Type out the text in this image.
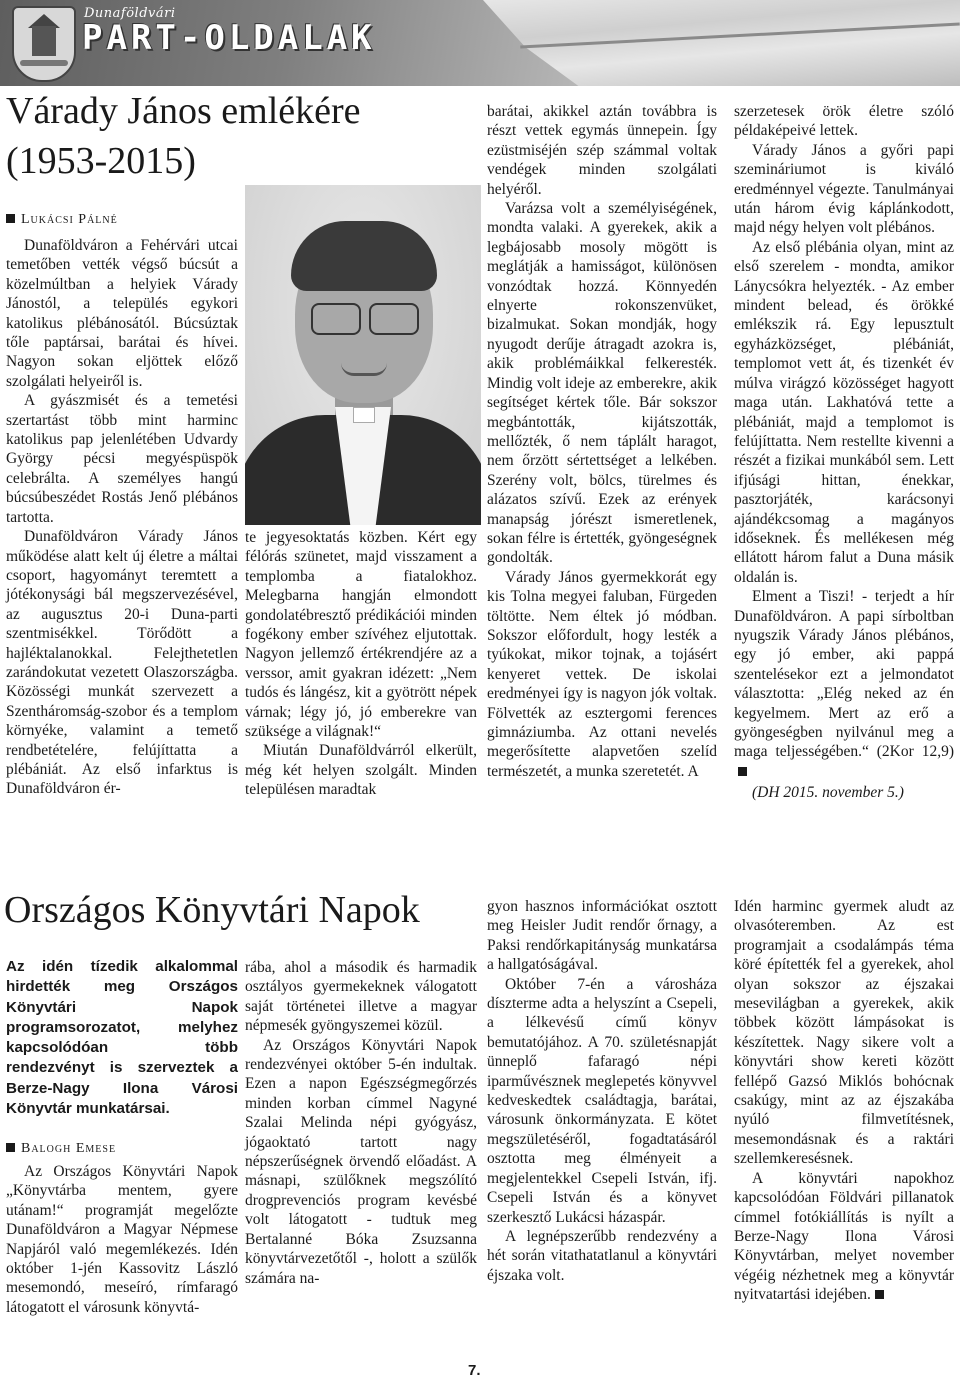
Dunaföldvári
PART-OLDALAK
Várady János emlékére
(1953-2015)
Lukácsi Pálné

Dunaföldváron a Fehérvári utcai temetőben vették végső búcsút a közelmúltban a helyiek Várady Jánostól, a település egykori katolikus plébánosától. Búcsúztak tőle paptársai, barátai és hívei. Nagyon sokan eljöttek előző szolgálati helyeiről is.

A gyászmisét és a temetési szertartást több mint harminc katolikus pap jelenlétében Udvardy György pécsi megyéspüspök celebrálta. A személyes hangú búcsúbeszédet Rostás Jenő plébános tartotta.

Dunaföldváron Várady János működése alatt kelt új életre a máltai csoport, hagyományt teremtett a jótékonysági bál megszervezésével, az augusztus 20-i Duna-parti szentmisékkel. Törődött a hajléktalanokkal. Felejthetetlen zarándokutat vezetett Olaszországba. Közösségi munkát szervezett a Szentháromság-szobor és a templom környéke, valamint a temető rendbetételére, felújíttatta a plébániát. Az első infarktus is Dunaföldváron ér-

te jegyesoktatás közben. Kért egy félórás szünetet, majd visszament a templomba a fiatalokhoz. Melegbarna hangján elmondott gondolatébresztő prédikációi minden fogékony ember szívéhez eljutottak. Nagyon jellemző értékrendjére az a verssor, amit gyakran idézett: „Nem tudós és lángész, kit a gyötrött népek várnak; légy jó, jó emberekre van szüksége a világnak!“

Miután Dunaföldvárról elkerült, még két helyen szolgált. Minden településen maradtak

barátai, akikkel aztán továbbra is részt vettek egymás ünnepein. Így ezüstmiséjén szép számmal voltak vendégek minden szolgálati helyéről.

Varázsa volt a személyiségének, mondta valaki. A gyerekek, akik a legbájosabb mosoly mögött is meglátják a hamisságot, különösen vonzódtak hozzá. Könnyedén elnyerte rokonszenvüket, bizalmukat. Sokan mondják, hogy nyugodt derűje átragadt azokra is, akik problémáikkal felkeresték. Mindig volt ideje az emberekre, akik segítséget kértek tőle. Bár sokszor megbántották, kijátszották, mellőzték, ő nem táplált haragot, nem őrzött sértettséget a lelkében. Szerény volt, bölcs, türelmes és alázatos szívű. Ezek az erények manapság jórészt ismeretlenek, sokan félre is értették, gyöngeségnek gondolták.

Várady János gyermekkorát egy kis Tolna megyei faluban, Fürgeden töltötte. Nem éltek jó módban. Sokszor előfordult, hogy lesték a tyúkokat, mikor tojnak, a tojásért kenyeret vettek. De iskolai eredményei így is nagyon jók voltak. Fölvették az esztergomi ferences gimnáziumba. Az ottani nevelés megerősítette alapvetően szelíd természetét, a munka szeretetét. A

szerzetesek örök életre szóló példaképeivé lettek.

Várady János a győri papi szemináriumot is kiváló eredménnyel végezte. Tanulmányai után három évig káplánkodott, majd négy helyen volt plébános.

Az első plébánia olyan, mint az első szerelem - mondta, amikor Lánycsókra helyezték. - Az ember mindent belead, és örökké emlékszik rá. Egy lepusztult egyházközséget, plébániát, templomot vett át, és tizenkét év múlva virágzó közösséget hagyott maga után. Lakhatóvá tette a plébániát, majd a templomot is felújíttatta. Nem restellte kivenni a részét a fizikai munkából sem. Lett ifjúsági hittan, énekkar, pasztorjáték, karácsonyi ajándékcsomag a magányos időseknek. És mellékesen még ellátott három falut a Duna másik oldalán is.

Elment a Tiszi! - terjedt a hír Dunaföldváron. A papi sírboltban nyugszik Várady János plébános, egy jó ember, aki pappá szentelésekor ezt a jelmondatot választotta: „Elég neked az én kegyelmem. Mert az erő a gyöngeségben nyilvánul meg a maga teljességében.“ (2Kor 12,9)

(DH 2015. november 5.)

Országos Könyvtári Napok
Az idén tízedik alkalommal hirdették meg Országos Könyvtári Napok programsorozatot, melyhez kapcsolódóan több rendezvényt is szerveztek a Berze-Nagy Ilona Városi Könyvtár munkatársai.
Balogh Emese

Az Országos Könyvtári Napok „Könyvtárba mentem, gyere utánam!“ programját megelőzte Dunaföldváron a Magyar Népmese Napjáról való megemlékezés. Idén október 1-jén Kassovitz László mesemondó, meseíró, rímfaragó látogatott el városunk könyvtá-

rába, ahol a második és harmadik osztályos gyermekeknek válogatott saját történetei illetve a magyar népmesék gyöngyszemei közül.

Az Országos Könyvtári Napok rendezvényei október 5-én indultak. Ezen a napon Egészségmegőrzés minden korban címmel Nagyné Szalai Melinda népi gyógyász, jógaoktató tartott nagy népszerűségnek örvendő előadást. A másnapi, szülőknek megszólító drogprevenciós program kevésbé volt látogatott - tudtuk meg Bertalanné Bóka Zsuzsanna könyvtárvezetőtől -, holott a szülők számára na-

gyon hasznos információkat osztott meg Heisler Judit rendőr őrnagy, a Paksi rendőrkapitányság munkatársa a hallgatóságával.

Október 7-én a városháza díszterme adta a helyszínt a Csepeli, a lélkevésű című könyv bemutatójához. A 70. születésnapját ünneplő fafaragó népi iparművésznek meglepetés könyvvel kedveskedtek családtagja, barátai, városunk önkormányzata. E kötet megszületéséről, fogadtatásáról osztotta meg élményeit a megjelentekkel Csepeli István, ifj. Csepeli István és a könyvet szerkesztő Lukácsi házaspár.

A legnépszerűbb rendezvény a hét során vitathatatlanul a könyvtári éjszaka volt.

Idén harminc gyermek aludt az olvasóteremben. Az est programjait a csodalámpás téma köré építették fel a gyerekek, ahol olyan sokszor az éjszakai mesevilágban a gyerekek, akik többek között lámpásokat is készítettek. Nagy sikere volt a könyvtári show kereti között fellépő Gazsó Miklós bohócnak csakúgy, mint az az éjszakába nyúló filmvetítésnek, mesemondásnak és a raktári szellemkeresésnek.

A könyvtári napokhoz kapcsolódóan Földvári pillanatok címmel fotókiállítás is nyílt a Berze-Nagy Ilona Városi Könyvtárban, melyet november végéig nézhetnek meg a könyvtár nyitvatartási idejében.

7.
